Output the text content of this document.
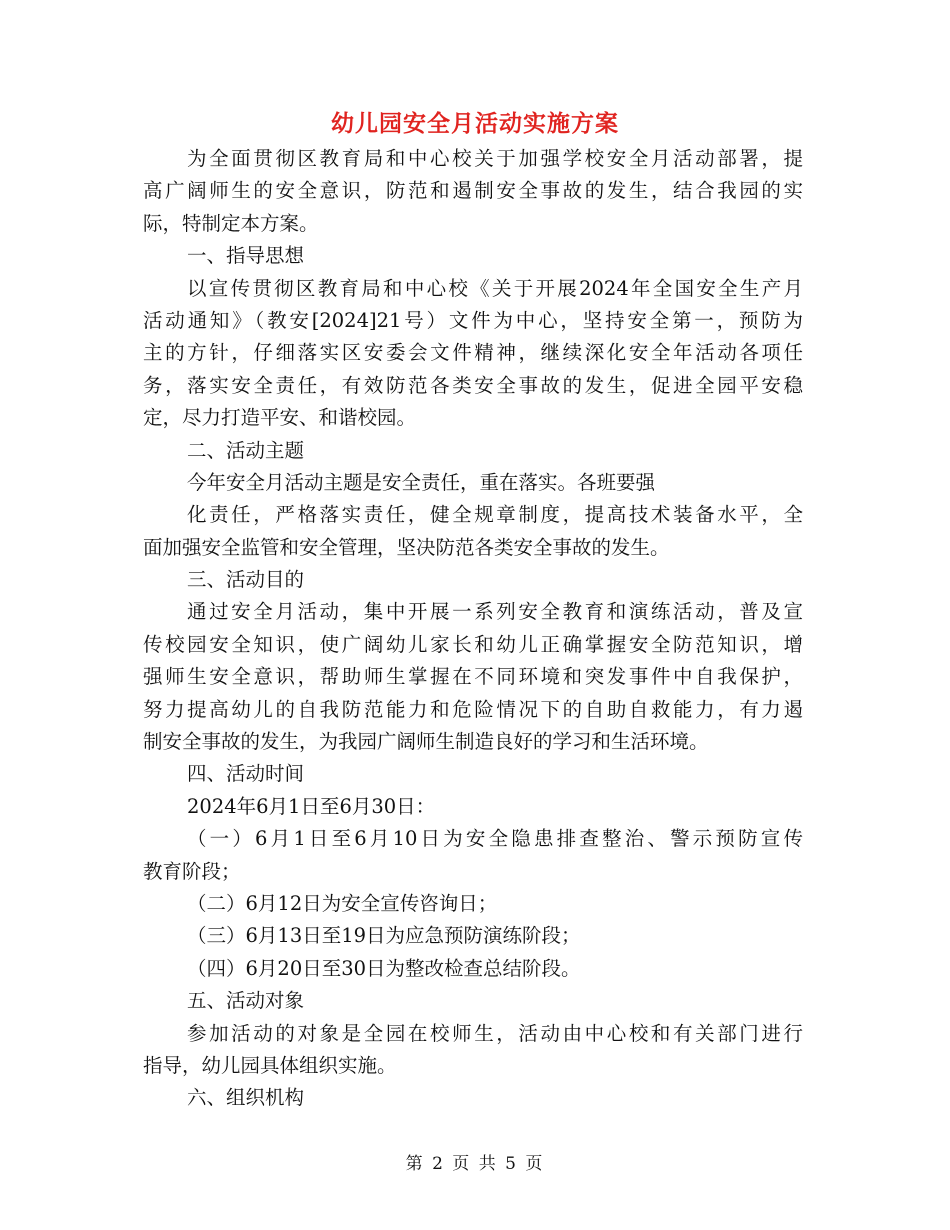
幼儿园安全月活动实施方案
为全面贯彻区教育局和中心校关于加强学校安全月活动部署，提
高广阔师生的安全意识，防范和遏制安全事故的发生，结合我园的实
际，特制定本方案。
一、指导思想
以宣传贯彻区教育局和中心校《关于开展2024年全国安全生产月
活动通知》（教安[2024]21号）文件为中心，坚持安全第一，预防为
主的方针，仔细落实区安委会文件精神，继续深化安全年活动各项任
务，落实安全责任，有效防范各类安全事故的发生，促进全园平安稳
定，尽力打造平安、和谐校园。
二、活动主题
今年安全月活动主题是安全责任，重在落实。各班要强
化责任，严格落实责任，健全规章制度，提高技术装备水平，全
面加强安全监管和安全管理，坚决防范各类安全事故的发生。
三、活动目的
通过安全月活动，集中开展一系列安全教育和演练活动，普及宣
传校园安全知识，使广阔幼儿家长和幼儿正确掌握安全防范知识，增
强师生安全意识，帮助师生掌握在不同环境和突发事件中自我保护，
努力提高幼儿的自我防范能力和危险情况下的自助自救能力，有力遏
制安全事故的发生，为我园广阔师生制造良好的学习和生活环境。
四、活动时间
2024年6月1日至6月30日：
（一）6月1日至6月10日为安全隐患排查整治、警示预防宣传
教育阶段；
（二）6月12日为安全宣传咨询日；
（三）6月13日至19日为应急预防演练阶段；
（四）6月20日至30日为整改检查总结阶段。
五、活动对象
参加活动的对象是全园在校师生，活动由中心校和有关部门进行
指导，幼儿园具体组织实施。
六、组织机构
第 2 页 共 5 页
